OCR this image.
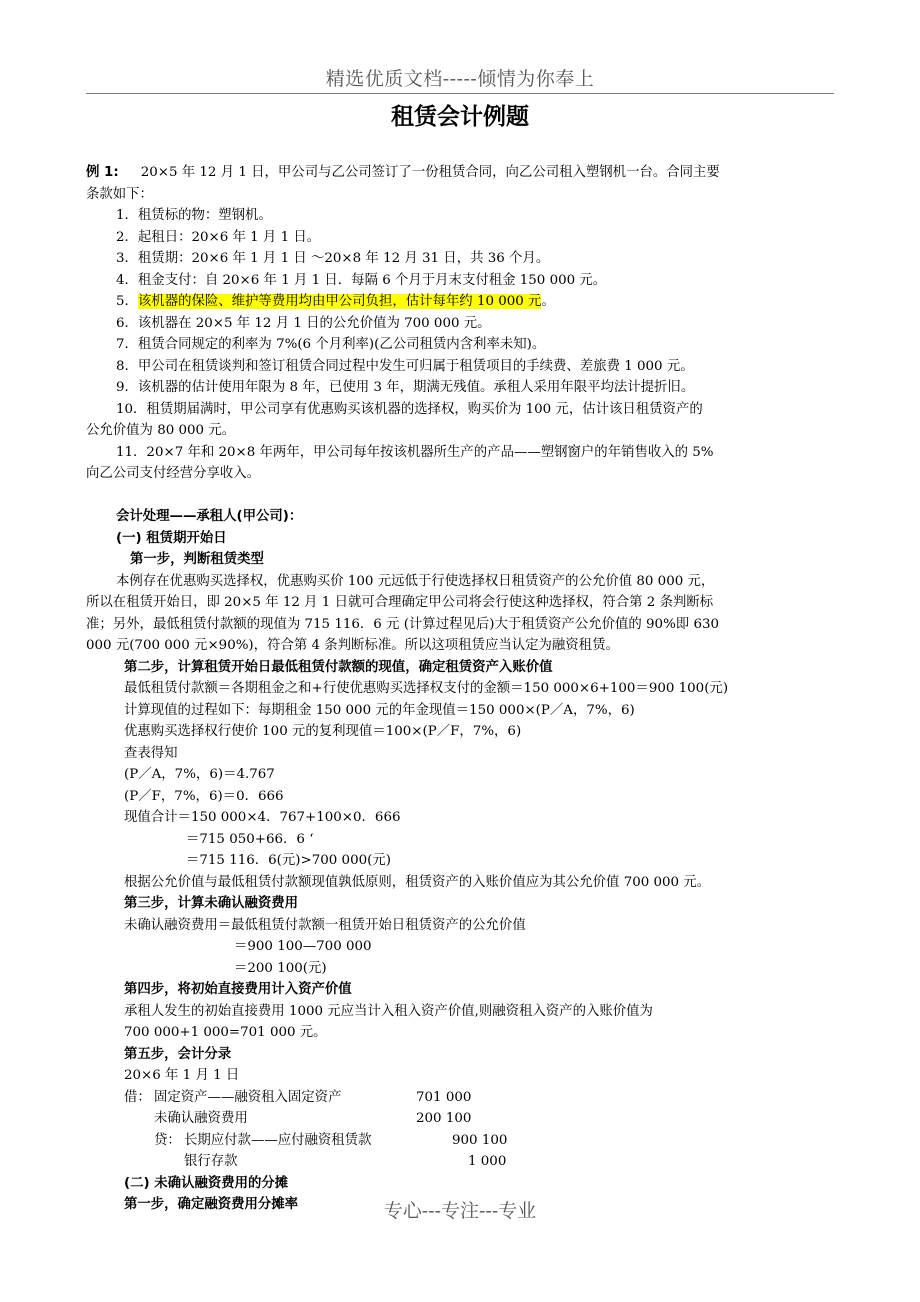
精选优质文档-----倾情为你奉上
租赁会计例题
例 1: 20×5 年 12 月 1 日，甲公司与乙公司签订了一份租赁合同，向乙公司租入塑钢机一台。合同主要
条款如下：
1．租赁标的物：塑钢机。
2．起租日：20×6 年 1 月 1 日。
3．租赁期：20×6 年 1 月 1 日 ～20×8 年 12 月 31 日，共 36 个月。
4．租金支付：自 20×6 年 1 月 1 日．每隔 6 个月于月末支付租金 150 000 元。
5．该机器的保险、维护等费用均由甲公司负担，估计每年约 10 000 元。
6．该机器在 20×5 年 12 月 1 日的公允价值为 700 000 元。
7．租赁合同规定的利率为 7%(6 个月利率)(乙公司租赁内含利率未知)。
8．甲公司在租赁谈判和签订租赁合同过程中发生可归属于租赁项目的手续费、差旅费 1 000 元。
9．该机器的估计使用年限为 8 年，已使用 3 年，期满无残值。承租人采用年限平均法计提折旧。
10．租赁期届满时，甲公司享有优惠购买该机器的选择权，购买价为 100 元，估计该日租赁资产的
公允价值为 80 000 元。
11．20×7 年和 20×8 年两年，甲公司每年按该机器所生产的产品——塑钢窗户的年销售收入的 5%
向乙公司支付经营分享收入。
会计处理——承租人(甲公司)：
(一) 租赁期开始日
第一步，判断租赁类型
本例存在优惠购买选择权，优惠购买价 100 元远低于行使选择权日租赁资产的公允价值 80 000 元，
所以在租赁开始日，即 20×5 年 12 月 1 日就可合理确定甲公司将会行使这种选择权，符合第 2 条判断标
准；另外，最低租赁付款额的现值为 715 116．6 元 (计算过程见后)大于租赁资产公允价值的 90%即 630
000 元(700 000 元×90%)，符合第 4 条判断标准。所以这项租赁应当认定为融资租赁。
第二步，计算租赁开始日最低租赁付款额的现值，确定租赁资产入账价值
最低租赁付款额＝各期租金之和+行使优惠购买选择权支付的金额＝150 000×6+100＝900 100(元)
计算现值的过程如下：每期租金 150 000 元的年金现值＝150 000×(P／A，7%，6)
优惠购买选择权行使价 100 元的复利现值＝100×(P／F，7%，6)
查表得知
(P／A，7%，6)＝4.767
(P／F，7%，6)＝0．666
现值合计＝150 000×4．767+100×0．666
＝715 050+66．6 ‘
＝715 116．6(元)>700 000(元)
根据公允价值与最低租赁付款额现值孰低原则，租赁资产的入账价值应为其公允价值 700 000 元。
第三步，计算未确认融资费用
未确认融资费用＝最低租赁付款额一租赁开始日租赁资产的公允价值
＝900 100—700 000
＝200 100(元)
第四步，将初始直接费用计入资产价值
承租人发生的初始直接费用 1000 元应当计入租入资产价值,则融资租入资产的入账价值为
700 000+1 000=701 000 元。
第五步，会计分录
20×6 年 1 月 1 日
借： 固定资产——融资租入固定资产	701 000
未确认融资费用	200 100
贷： 长期应付款——应付融资租赁款	900 100
银行存款	1 000
(二) 未确认融资费用的分摊
第一步，确定融资费用分摊率	专心---专注---专业
